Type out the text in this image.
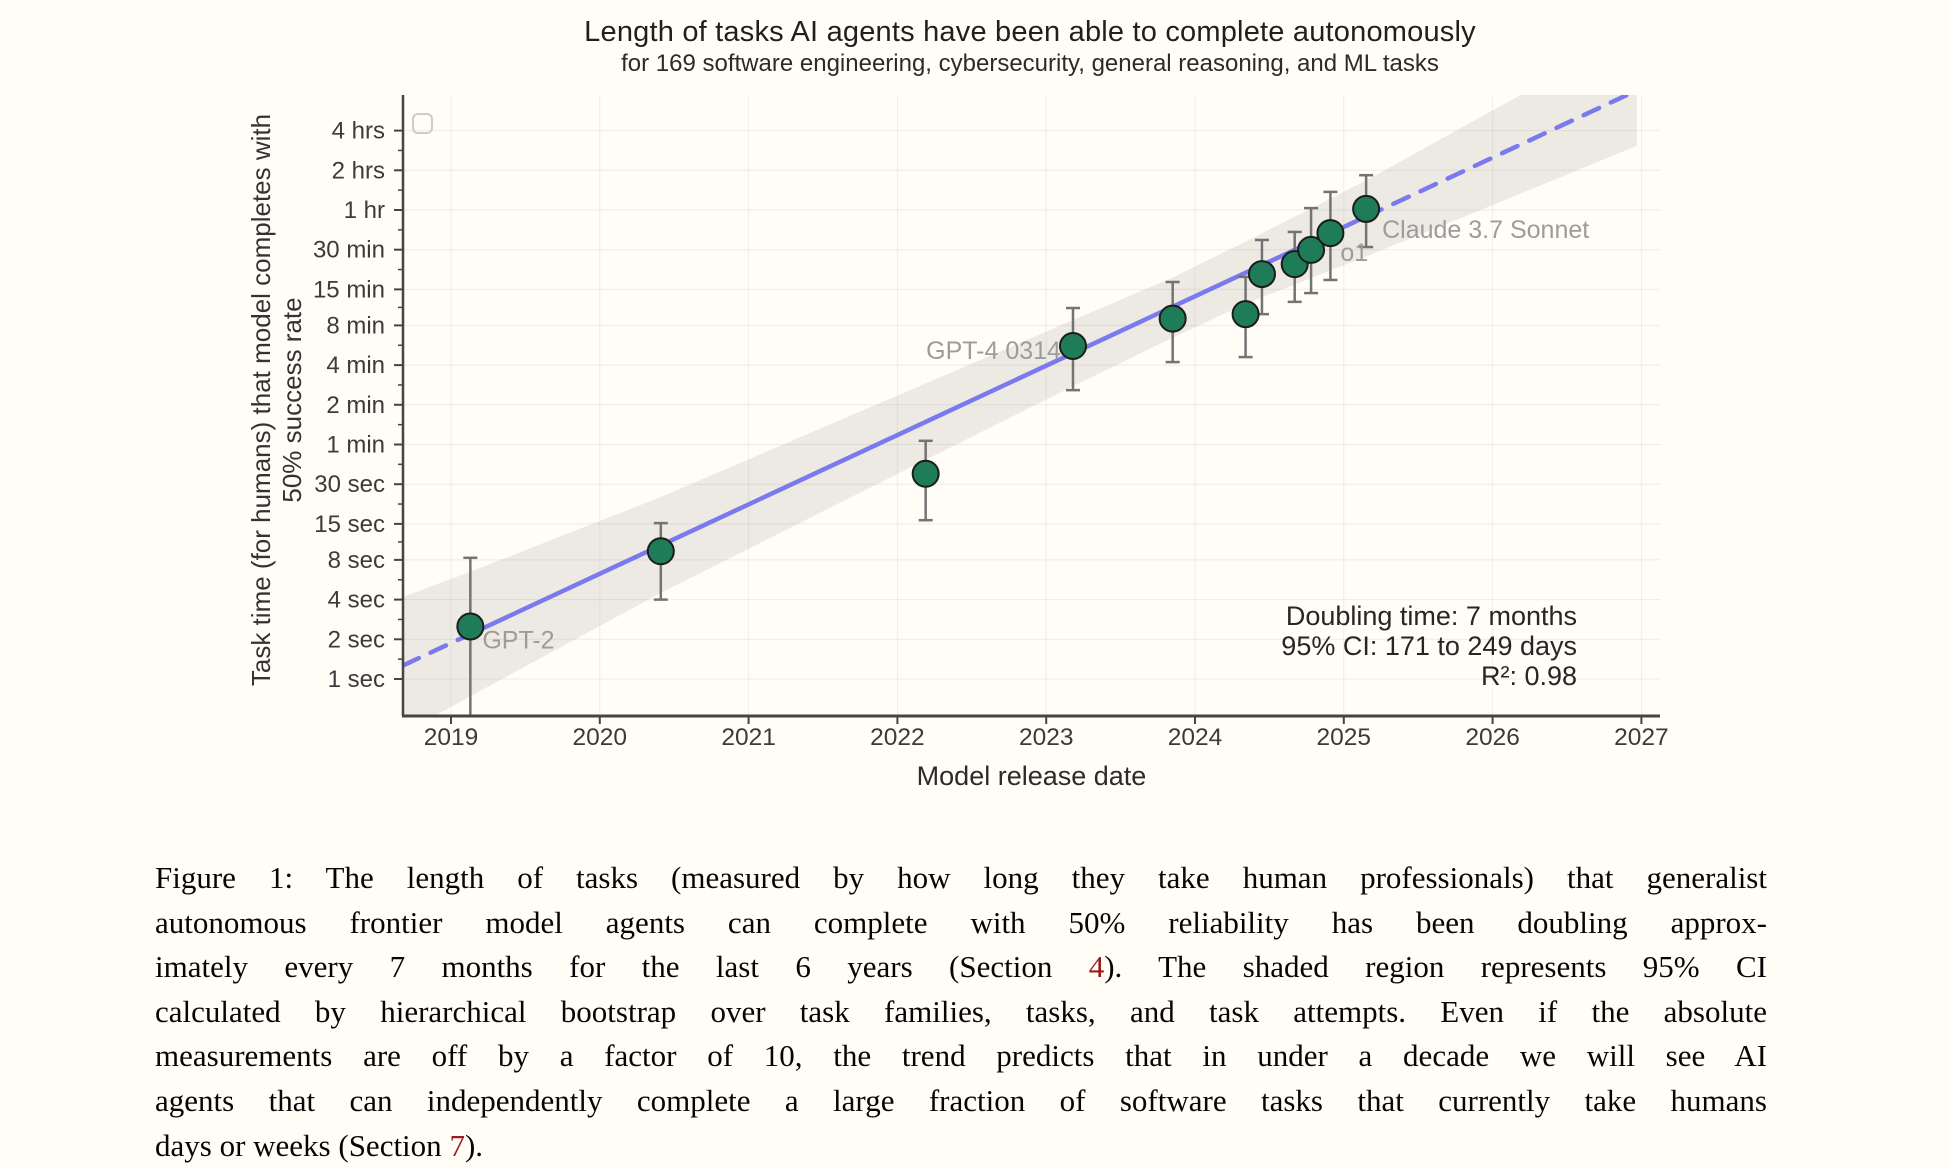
Length of tasks AI agents have been able to complete autonomously
for 169 software engineering, cybersecurity, general reasoning, and ML tasks
Task time (for humans) that model completes with 50% success rate
GPT-2
GPT-4 0314
o1
Claude 3.7 Sonnet
4 hrs
2 hrs
1 hr
30 min
15 min
8 min
4 min
2 min
1 min
30 sec
15 sec
8 sec
4 sec
2 sec
1 sec
2019	2020	2021	2022	2023	2024	2025	2026	2027
Model release date
Doubling time: 7 months
95% CI: 171 to 249 days
R²: 0.98
Figure 1: The length of tasks (measured by how long they take human professionals) that generalist
autonomous frontier model agents can complete with 50% reliability has been doubling approx-
imately every 7 months for the last 6 years (Section 4). The shaded region represents 95% CI
calculated by hierarchical bootstrap over task families, tasks, and task attempts. Even if the absolute
measurements are off by a factor of 10, the trend predicts that in under a decade we will see AI
agents that can independently complete a large fraction of software tasks that currently take humans
days or weeks (Section 7).
